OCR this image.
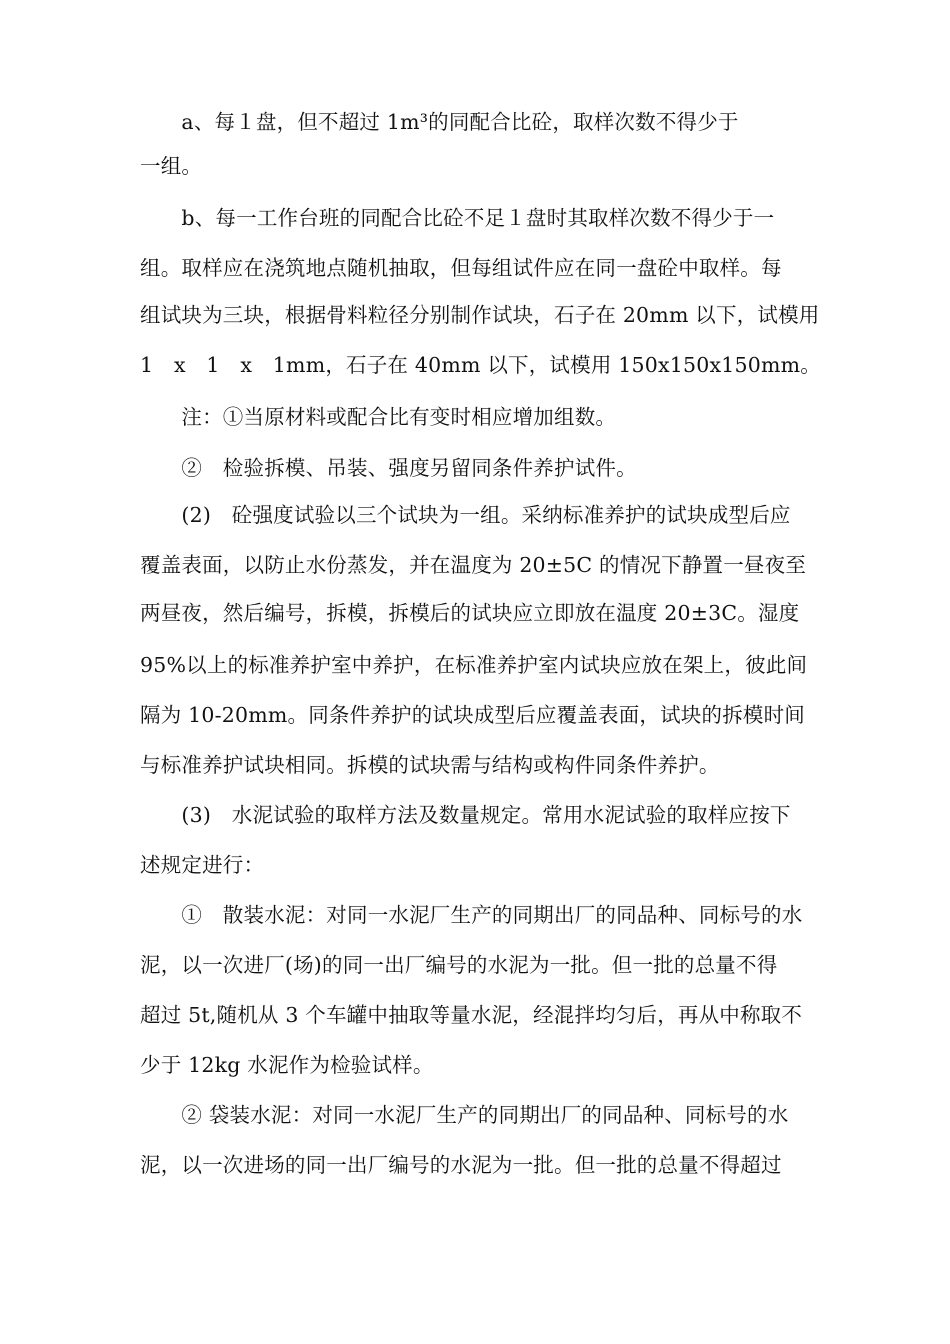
　　a、每１盘，但不超过 1m³的同配合比砼，取样次数不得少于
一组。
　　b、每一工作台班的同配合比砼不足１盘时其取样次数不得少于一
组。取样应在浇筑地点随机抽取，但每组试件应在同一盘砼中取样。每
组试块为三块，根据骨料粒径分别制作试块，石子在 20mm 以下，试模用
1　x　1　x　1mm，石子在 40mm 以下，试模用 150x150x150mm。
　　注：①当原材料或配合比有变时相应增加组数。
　　②　检验拆模、吊装、强度另留同条件养护试件。
　　(2)　砼强度试验以三个试块为一组。采纳标准养护的试块成型后应
覆盖表面，以防止水份蒸发，并在温度为 20±5C 的情况下静置一昼夜至
两昼夜，然后编号，拆模，拆模后的试块应立即放在温度 20±3C。湿度
95%以上的标准养护室中养护，在标准养护室内试块应放在架上，彼此间
隔为 10-20mm。同条件养护的试块成型后应覆盖表面，试块的拆模时间
与标准养护试块相同。拆模的试块需与结构或构件同条件养护。
　　(3)　水泥试验的取样方法及数量规定。常用水泥试验的取样应按下
述规定进行：
　　①　散装水泥：对同一水泥厂生产的同期出厂的同品种、同标号的水
泥，以一次进厂(场)的同一出厂编号的水泥为一批。但一批的总量不得
超过 5t,随机从 3 个车罐中抽取等量水泥，经混拌均匀后，再从中称取不
少于 12kg 水泥作为检验试样。
　　② 袋装水泥：对同一水泥厂生产的同期出厂的同品种、同标号的水
泥，以一次进场的同一出厂编号的水泥为一批。但一批的总量不得超过
